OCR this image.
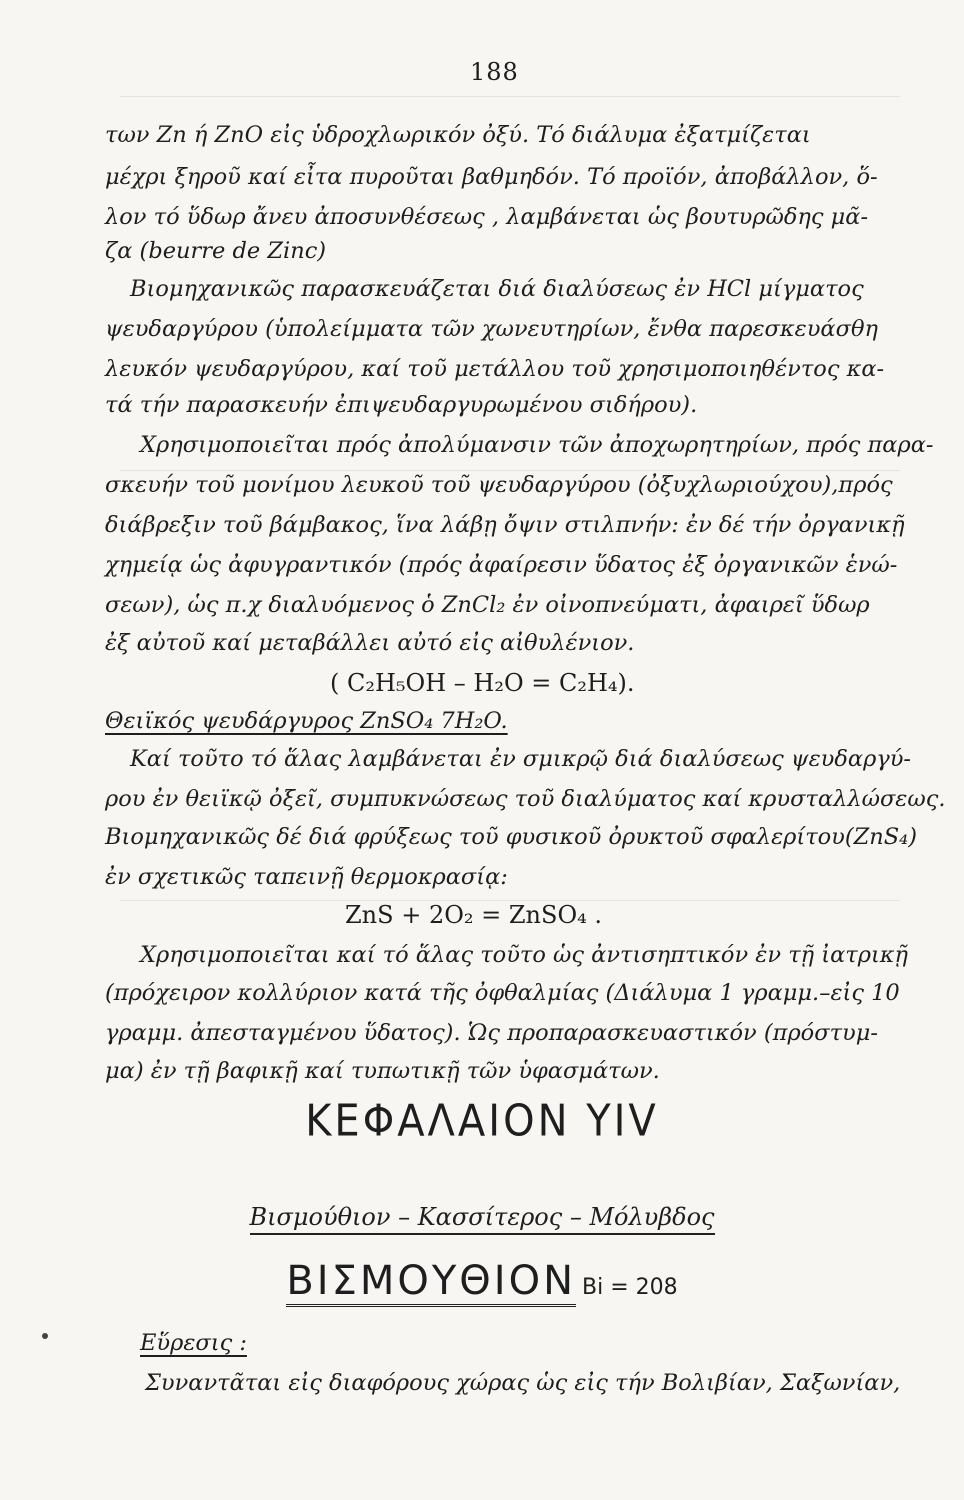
188
των Ζn ή ΖnΟ εἰς ὑδροχλωρικόν ὀξύ. Τό διάλυμα ἐξατμίζεται
μέχρι ξηροῦ καί εἶτα πυροῦται βαθμηδόν. Τό προϊόν, ἀποβάλλον, ὅ-
λον τό ὕδωρ ἄνευ ἀποσυνθέσεως , λαμβάνεται ὡς βουτυρῶδης μᾶ-
ζα (beurre de Zinc)
Βιομηχανικῶς παρασκευάζεται διά διαλύσεως ἐν HCl μίγματος
ψευδαργύρου (ὑπολείμματα τῶν χωνευτηρίων, ἔνθα παρεσκευάσθη
λευκόν ψευδαργύρου, καί τοῦ μετάλλου τοῦ χρησιμοποιηθέντος κα-
τά τήν παρασκευήν ἐπιψευδαργυρωμένου σιδήρου).
Χρησιμοποιεῖται πρός ἀπολύμανσιν τῶν ἀποχωρητηρίων, πρός παρα-
σκευήν τοῦ μονίμου λευκοῦ τοῦ ψευδαργύρου (ὀξυχλωριούχου),πρός
διάβρεξιν τοῦ βάμβακος, ἵνα λάβῃ ὄψιν στιλπνήν: ἐν δέ τήν ὀργανικῇ
χημείᾳ ὡς ἀφυγραντικόν (πρός ἀφαίρεσιν ὕδατος ἐξ ὀργανικῶν ἑνώ-
σεων), ὡς π.χ διαλυόμενος ὁ ΖnCl₂ ἐν οἰνοπνεύματι, ἀφαιρεῖ ὕδωρ
ἐξ αὐτοῦ καί μεταβάλλει αὐτό εἰς αἰθυλένιον.
( C₂H₅OH – H₂O = C₂H₄).
Θειϊκός ψευδάργυρος ΖnSO₄ 7H₂O.
Καί τοῦτο τό ἅλας λαμβάνεται ἐν σμικρῷ διά διαλύσεως ψευδαργύ-
ρου ἐν θειϊκῷ ὀξεῖ, συμπυκνώσεως τοῦ διαλύματος καί κρυσταλλώσεως.
Βιομηχανικῶς δέ διά φρύξεως τοῦ φυσικοῦ ὀρυκτοῦ σφαλερίτου(ΖnS₄)
ἐν σχετικῶς ταπεινῇ θερμοκρασίᾳ:
ΖnS + 2O₂ = ZnSO₄ .
Χρησιμοποιεῖται καί τό ἅλας τοῦτο ὡς ἀντισηπτικόν ἐν τῇ ἰατρικῇ
(πρόχειρον κολλύριον κατά τῆς ὀφθαλμίας (Διάλυμα 1 γραμμ.–εἰς 10
γραμμ. ἀπεσταγμένου ὕδατος). Ὡς προπαρασκευαστικόν (πρόστυμ-
μα) ἐν τῇ βαφικῇ καί τυπωτικῇ τῶν ὑφασμάτων.
ΚΕΦΑΛΑΙΟΝ ΥΙV
Βισμούθιον – Κασσίτερος – Μόλυβδος
ΒΙΣΜΟΥΘΙΟΝ Bi = 208
Εὕρεσις :
Συναντᾶται εἰς διαφόρους χώρας ὡς εἰς τήν Βολιβίαν, Σαξωνίαν,
